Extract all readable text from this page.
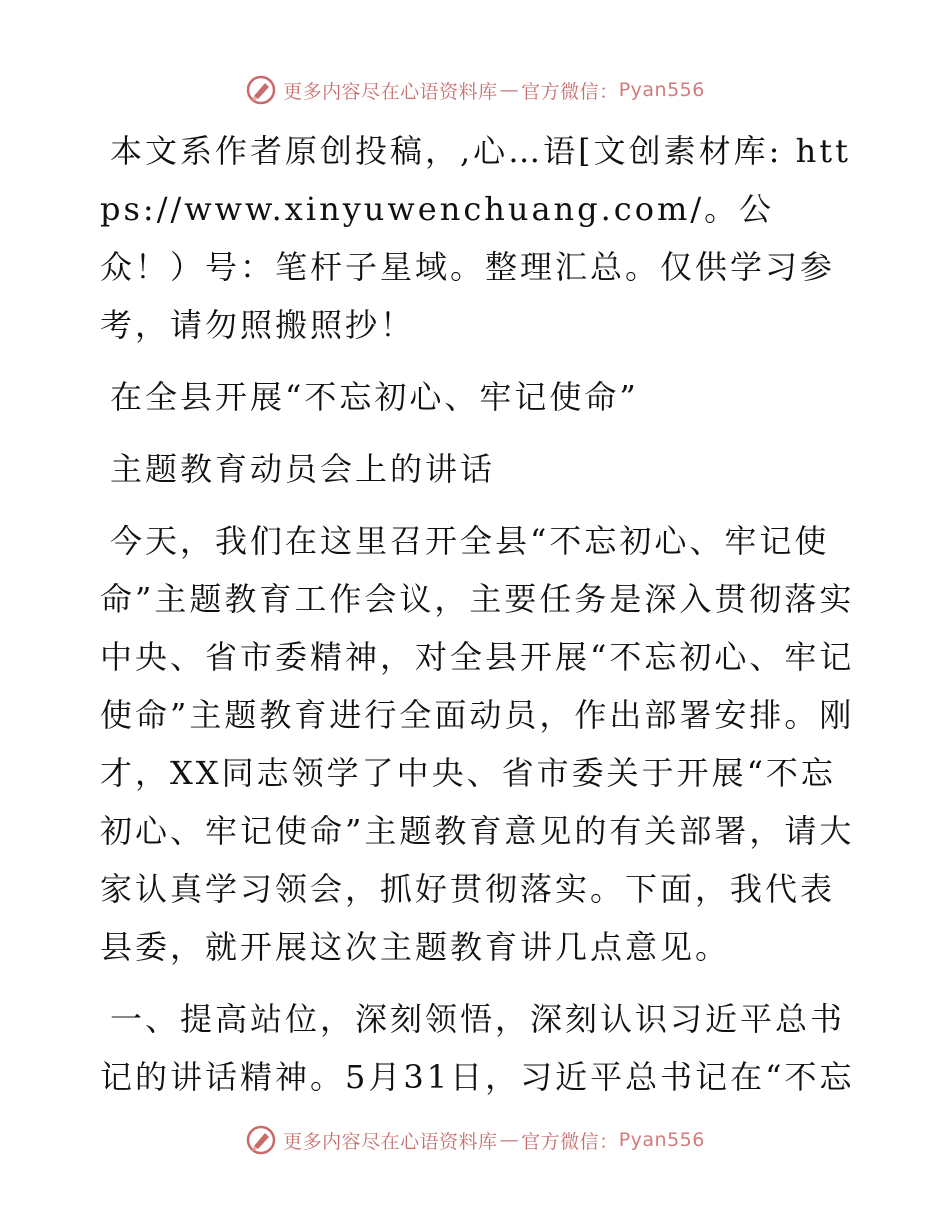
更多内容尽在心语资料库 — 官方微信： Pyan556

本文系作者原创投稿，,心…语[文创素材库: https://www.xinyuwenchuang.com/。公众！）号：笔杆子星域。整理汇总。仅供学习参考，请勿照搬照抄！

在全县开展“不忘初心、牢记使命”

主题教育动员会上的讲话

今天，我们在这里召开全县“不忘初心、牢记使命”主题教育工作会议，主要任务是深入贯彻落实中央、省市委精神，对全县开展“不忘初心、牢记使命”主题教育进行全面动员，作出部署安排。刚才，XX同志领学了中央、省市委关于开展“不忘初心、牢记使命”主题教育意见的有关部署，请大家认真学习领会，抓好贯彻落实。下面，我代表县委，就开展这次主题教育讲几点意见。

一、提高站位，深刻领悟，深刻认识习近平总书记的讲话精神。5月31日，习近平总书记在“不忘

更多内容尽在心语资料库 — 官方微信： Pyan556
